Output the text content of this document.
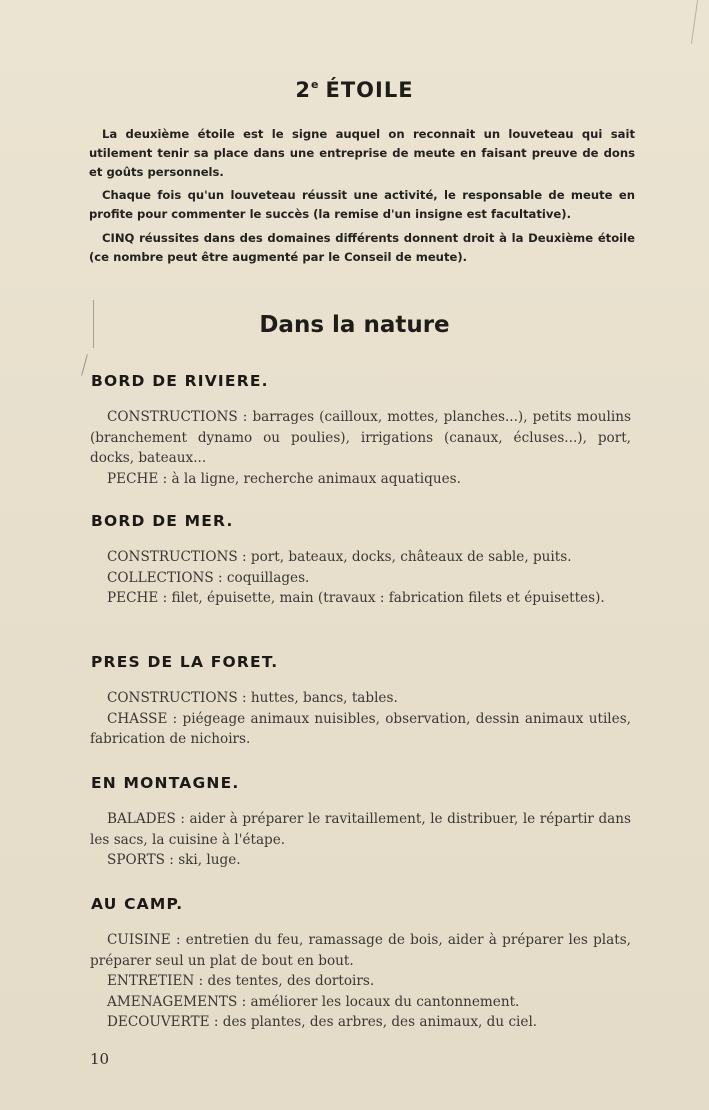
2e ÉTOILE

La deuxième étoile est le signe auquel on reconnait un louveteau qui sait utilement tenir sa place dans une entreprise de meute en faisant preuve de dons et goûts personnels.

Chaque fois qu'un louveteau réussit une activité, le responsable de meute en profite pour commenter le succès (la remise d'un insigne est facultative).

CINQ réussites dans des domaines différents donnent droit à la Deuxième étoile (ce nombre peut être augmenté par le Conseil de meute).

Dans la nature
BORD DE RIVIERE.

CONSTRUCTIONS : barrages (cailloux, mottes, planches...), petits moulins (branchement dynamo ou poulies), irrigations (canaux, écluses...), port, docks, bateaux...

PECHE : à la ligne, recherche animaux aquatiques.

BORD DE MER.

CONSTRUCTIONS : port, bateaux, docks, châteaux de sable, puits.

COLLECTIONS : coquillages.

PECHE : filet, épuisette, main (travaux : fabrication filets et épuisettes).

PRES DE LA FORET.

CONSTRUCTIONS : huttes, bancs, tables.

CHASSE : piégeage animaux nuisibles, observation, dessin animaux utiles, fabrication de nichoirs.

EN MONTAGNE.

BALADES : aider à préparer le ravitaillement, le distribuer, le répartir dans les sacs, la cuisine à l'étape.

SPORTS : ski, luge.

AU CAMP.

CUISINE : entretien du feu, ramassage de bois, aider à préparer les plats, préparer seul un plat de bout en bout.

ENTRETIEN : des tentes, des dortoirs.

AMENAGEMENTS : améliorer les locaux du cantonnement.

DECOUVERTE : des plantes, des arbres, des animaux, du ciel.

10
